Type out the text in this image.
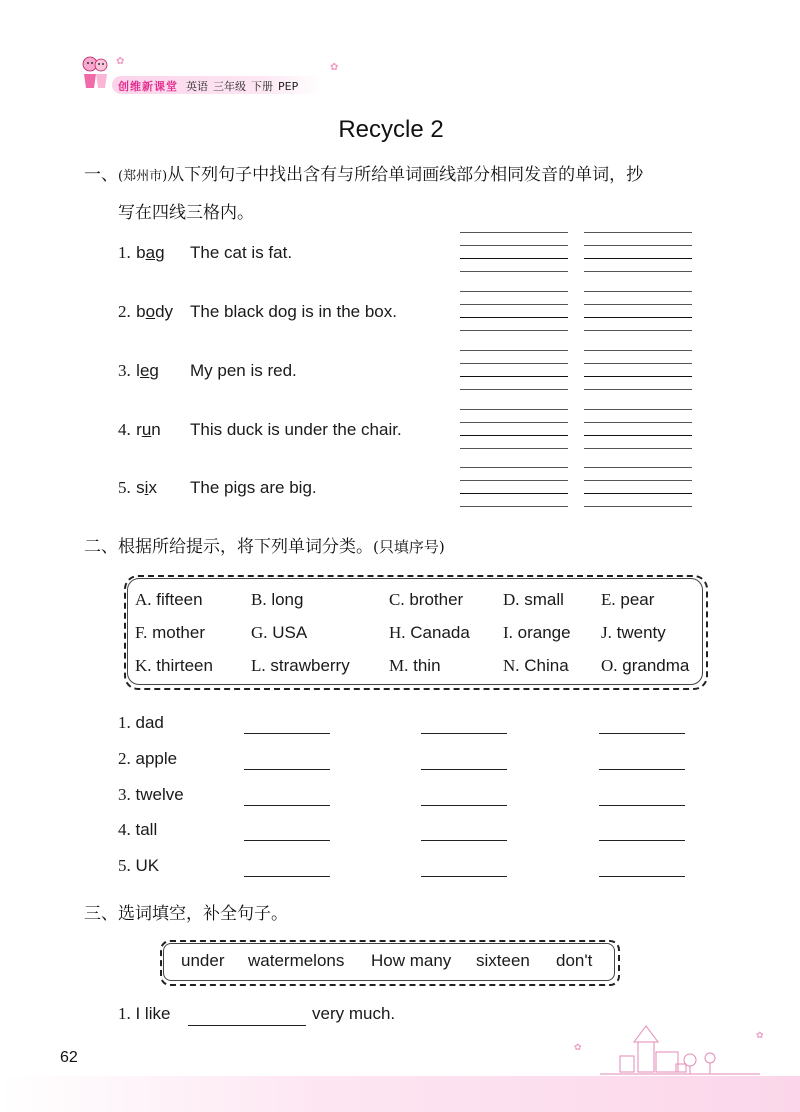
✿
✿
创维新课堂 英语 三年级 下册 PEP
Recycle 2
一、(郑州市)从下列句子中找出含有与所给单词画线部分相同发音的单词，抄
写在四线三格内。
1. bag The cat is fat.
2. body The black dog is in the box.
3. leg My pen is red.
4. run This duck is under the chair.
5. six The pigs are big.
二、根据所给提示，将下列单词分类。(只填序号)
A. fifteen	B. long	C. brother D. small E. pear
F. mother	G. USA	H. Canada I. orange J. twenty
K. thirteen L. strawberry M. thin	N. China O. grandma
1. dad
2. apple
3. twelve
4. tall
5. UK
三、选词填空，补全句子。
under watermelons How many sixteen don't
1. I like	very much.
✿
✿
62
